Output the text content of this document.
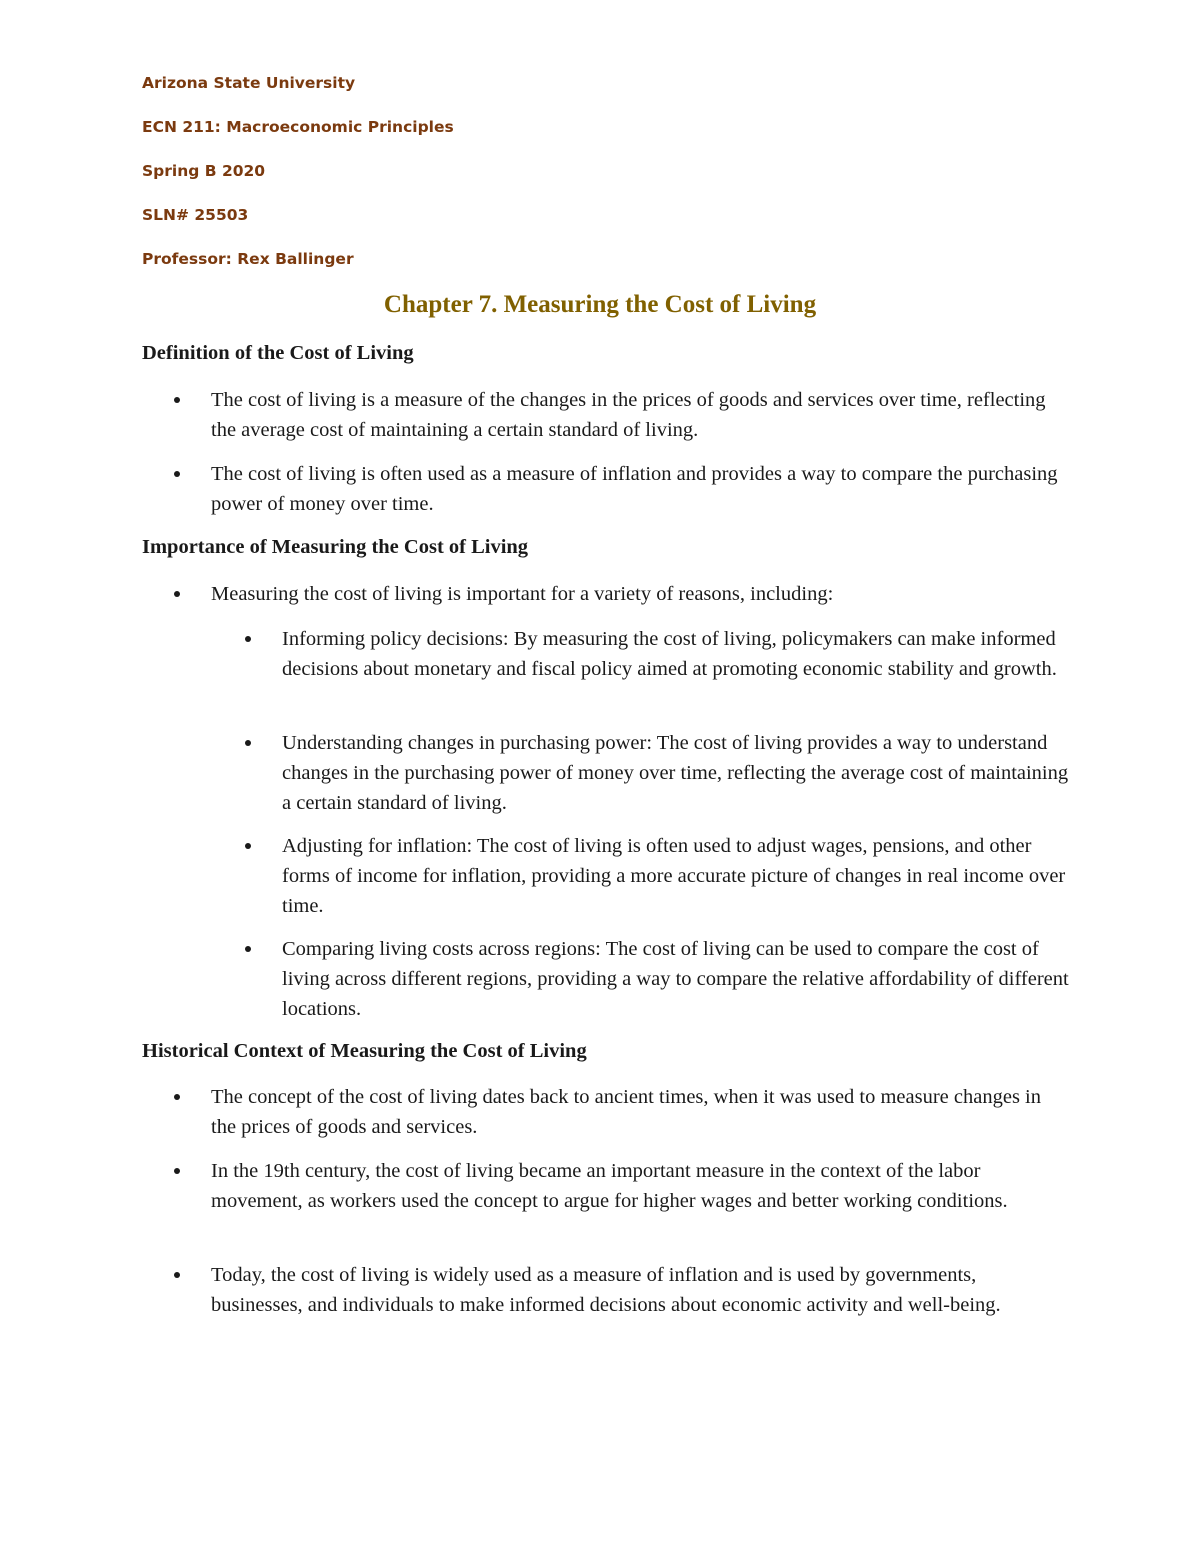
Arizona State University
ECN 211: Macroeconomic Principles
Spring B 2020
SLN# 25503
Professor: Rex Ballinger
Chapter 7. Measuring the Cost of Living
Definition of the Cost of Living
The cost of living is a measure of the changes in the prices of goods and services over time, reflecting the average cost of maintaining a certain standard of living.
The cost of living is often used as a measure of inflation and provides a way to compare the purchasing power of money over time.
Importance of Measuring the Cost of Living
Measuring the cost of living is important for a variety of reasons, including:
Informing policy decisions: By measuring the cost of living, policymakers can make informed decisions about monetary and fiscal policy aimed at promoting economic stability and growth.
Understanding changes in purchasing power: The cost of living provides a way to understand changes in the purchasing power of money over time, reflecting the average cost of maintaining a certain standard of living.
Adjusting for inflation: The cost of living is often used to adjust wages, pensions, and other forms of income for inflation, providing a more accurate picture of changes in real income over time.
Comparing living costs across regions: The cost of living can be used to compare the cost of living across different regions, providing a way to compare the relative affordability of different locations.
Historical Context of Measuring the Cost of Living
The concept of the cost of living dates back to ancient times, when it was used to measure changes in the prices of goods and services.
In the 19th century, the cost of living became an important measure in the context of the labor movement, as workers used the concept to argue for higher wages and better working conditions.
Today, the cost of living is widely used as a measure of inflation and is used by governments, businesses, and individuals to make informed decisions about economic activity and well-being.
